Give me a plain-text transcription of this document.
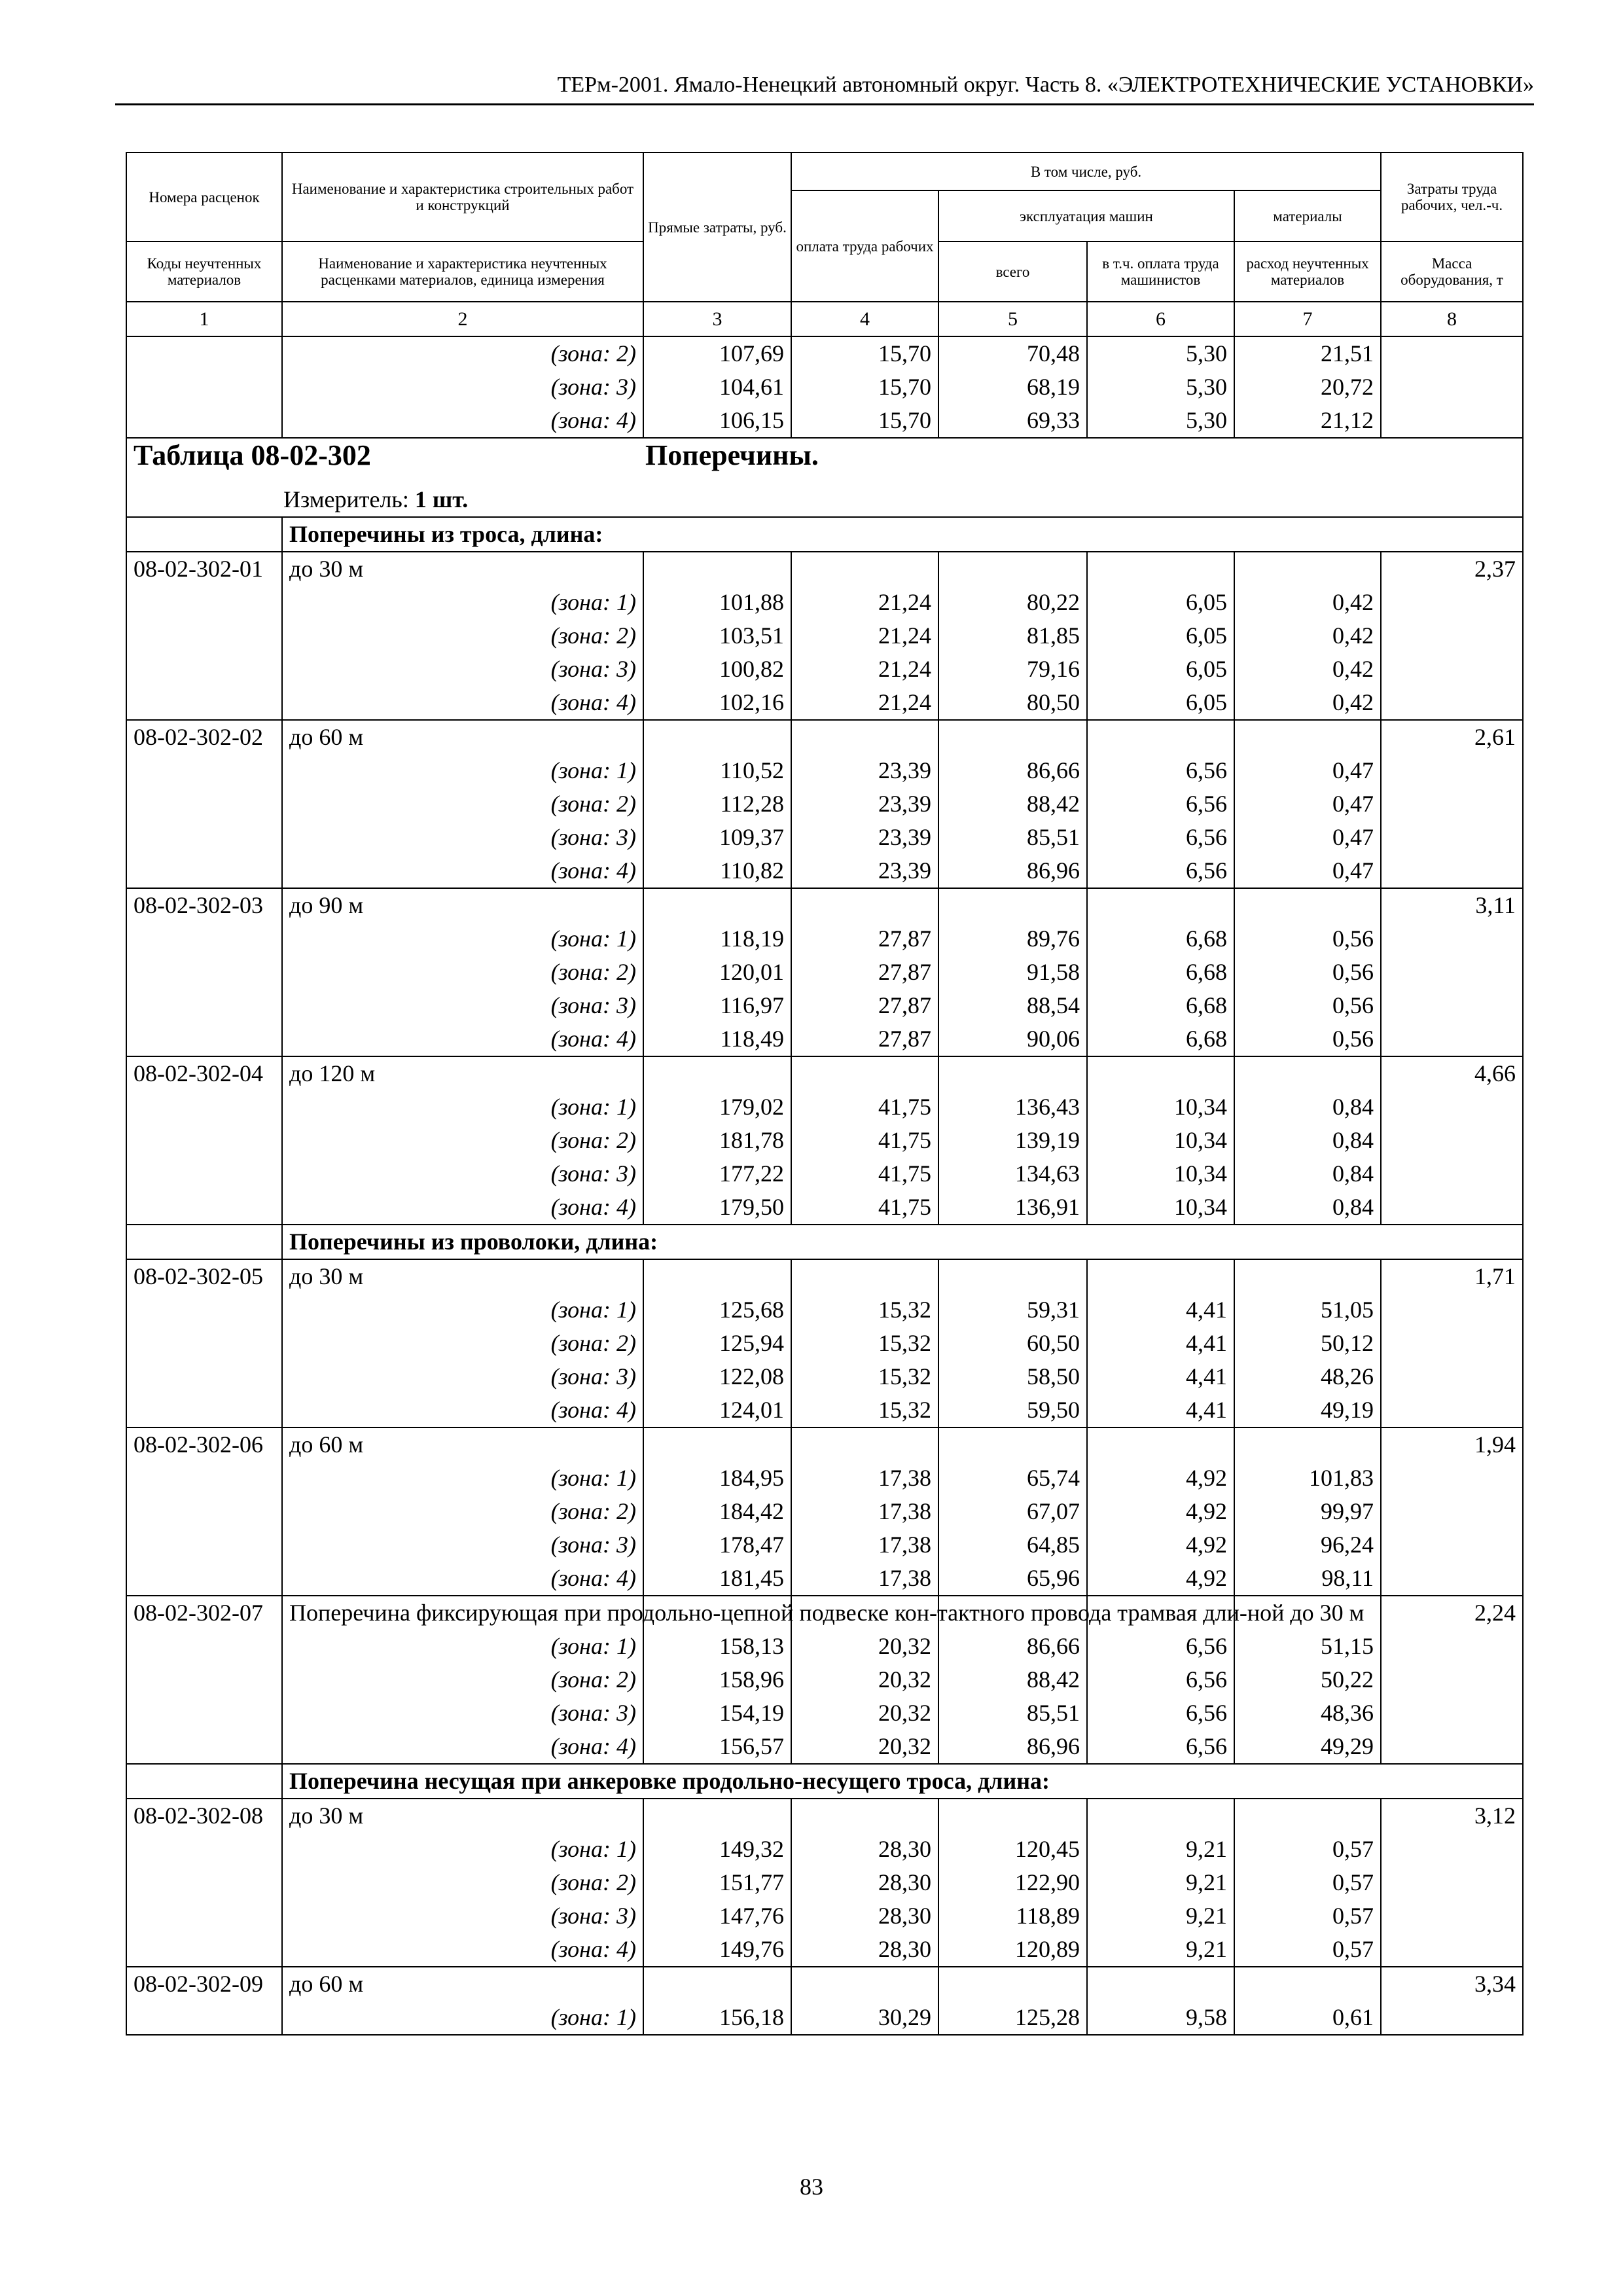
ТЕРм-2001. Ямало-Ненецкий автономный округ. Часть 8. «ЭЛЕКТРОТЕХНИЧЕСКИЕ УСТАНОВКИ»
Номера расценок	Наименование и характеристика строительных работ и конструкций	Прямые затраты, руб.	В том числе, руб.				Затраты труда рабочих, чел.-ч.
			оплата труда рабочих	эксплуатация машин		материалы	
Коды неучтенных материалов	Наименование и характеристика неучтенных расценками материалов, единица измерения			всего	в т.ч. оплата труда машинистов	расход неучтенных материалов	Масса оборудования, т
1	2	3	4	5	6	7	8
	(зона: 2)	107,69	15,70	70,48	5,30	21,51	
	(зона: 3)	104,61	15,70	68,19	5,30	20,72	
	(зона: 4)	106,15	15,70	69,33	5,30	21,12	

Таблица 08-02-302 Поперечины.
Измеритель: 1 шт.							

	Поперечины из троса, длина:						
08-02-302-01	до 30 м						2,37
	(зона: 1)	101,88	21,24	80,22	6,05	0,42	
	(зона: 2)	103,51	21,24	81,85	6,05	0,42	
	(зона: 3)	100,82	21,24	79,16	6,05	0,42	
	(зона: 4)	102,16	21,24	80,50	6,05	0,42	
08-02-302-02	до 60 м						2,61
	(зона: 1)	110,52	23,39	86,66	6,56	0,47	
	(зона: 2)	112,28	23,39	88,42	6,56	0,47	
	(зона: 3)	109,37	23,39	85,51	6,56	0,47	
	(зона: 4)	110,82	23,39	86,96	6,56	0,47	
08-02-302-03	до 90 м						3,11
	(зона: 1)	118,19	27,87	89,76	6,68	0,56	
	(зона: 2)	120,01	27,87	91,58	6,68	0,56	
	(зона: 3)	116,97	27,87	88,54	6,68	0,56	
	(зона: 4)	118,49	27,87	90,06	6,68	0,56	
08-02-302-04	до 120 м						4,66
	(зона: 1)	179,02	41,75	136,43	10,34	0,84	
	(зона: 2)	181,78	41,75	139,19	10,34	0,84	
	(зона: 3)	177,22	41,75	134,63	10,34	0,84	
	(зона: 4)	179,50	41,75	136,91	10,34	0,84	
	Поперечины из проволоки, длина:						
08-02-302-05	до 30 м						1,71
	(зона: 1)	125,68	15,32	59,31	4,41	51,05	
	(зона: 2)	125,94	15,32	60,50	4,41	50,12	
	(зона: 3)	122,08	15,32	58,50	4,41	48,26	
	(зона: 4)	124,01	15,32	59,50	4,41	49,19	
08-02-302-06	до 60 м						1,94
	(зона: 1)	184,95	17,38	65,74	4,92	101,83	
	(зона: 2)	184,42	17,38	67,07	4,92	99,97	
	(зона: 3)	178,47	17,38	64,85	4,92	96,24	
	(зона: 4)	181,45	17,38	65,96	4,92	98,11	
08-02-302-07	Поперечина фиксирующая при продольно-цепной подвеске кон-тактного провода трамвая дли-ной до 30 м						2,24
	(зона: 1)	158,13	20,32	86,66	6,56	51,15	
	(зона: 2)	158,96	20,32	88,42	6,56	50,22	
	(зона: 3)	154,19	20,32	85,51	6,56	48,36	
	(зона: 4)	156,57	20,32	86,96	6,56	49,29	
	Поперечина несущая при анкеровке продольно-несущего троса, длина:						
08-02-302-08	до 30 м						3,12
	(зона: 1)	149,32	28,30	120,45	9,21	0,57	
	(зона: 2)	151,77	28,30	122,90	9,21	0,57	
	(зона: 3)	147,76	28,30	118,89	9,21	0,57	
	(зона: 4)	149,76	28,30	120,89	9,21	0,57	
08-02-302-09	до 60 м						3,34
	(зона: 1)	156,18	30,29	125,28	9,58	0,61	
83
